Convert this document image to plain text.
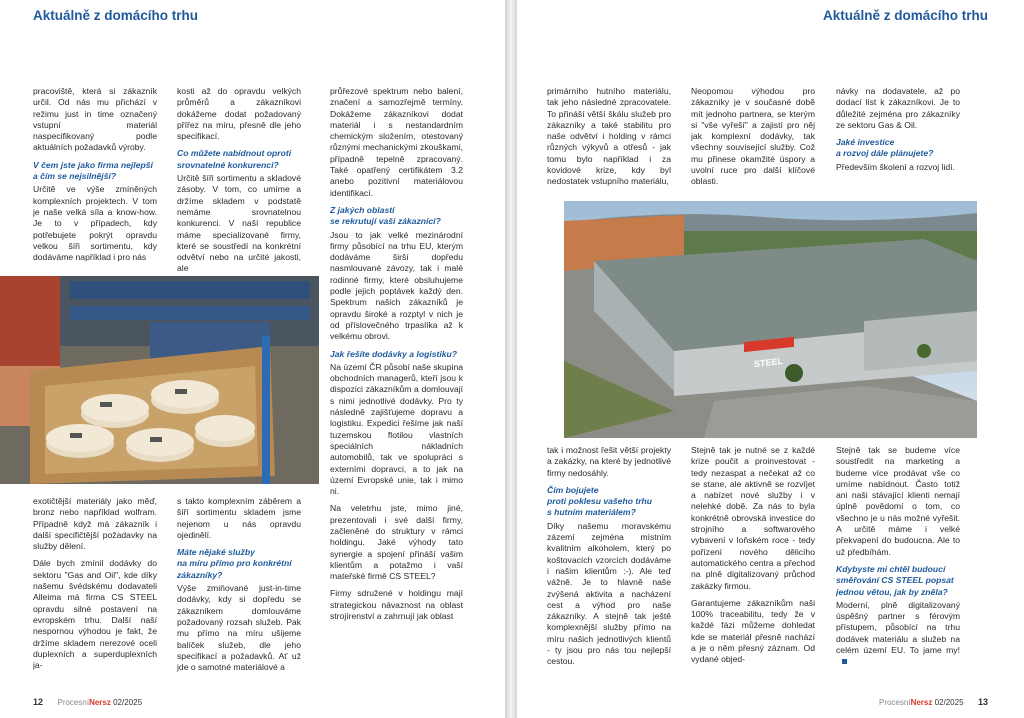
Aktuálně z domácího trhu

pracoviště, která si zákazník určil. Od nás mu přichází v režimu just in time označený vstupní materiál naspecifikovaný podle aktuálních požadavků výroby.

V čem jste jako firma nejlepší
a čím se nejsilnější?

Určitě ve výše zmíněných komplexních projektech. V tom je naše velká síla a know-how. Je to v případech, kdy potřebujete pokrýt opravdu velkou šíři sortimentu, kdy dodáváme například i pro nás

kosti až do opravdu velkých průměrů a zákazníkovi dokážeme dodat požadovaný přířez na míru, přesně dle jeho specifikací.

Co můžete nabídnout oproti
srovnatelné konkurenci?

Určitě šíři sortimentu a skladové zásoby. V tom, co umíme a držíme skladem v podstatě nemáme srovnatelnou konkurenci. V naší republice máme specializované firmy, které se soustředí na konkrétní odvětví nebo na určité jakosti, ale

průřezové spektrum nebo balení, značení a samozřejmě termíny. Dokážeme zákazníkovi dodat materiál i s nestandardním chemickým složením, otestovaný různými mechanickými zkouškami, případně tepelně zpracovaný. Také opatřený certifikátem 3.2 anebo pozitivní materiálovou identifikací.

Z jakých oblastí
se rekrutují vaši zákazníci?

Jsou to jak velké mezinárodní firmy působící na trhu EU, kterým dodáváme širší dopředu nasmlouvané závozy, tak i malé rodinné firmy, které obsluhujeme podle jejich poptávek každý den. Spektrum našich zákazníků je opravdu široké a rozptyl v nich je od příslovečného trpaslíka až k velkému obrovi.

Jak řešíte dodávky a logistiku?

Na území ČR působí naše skupina obchodních managerů, kteří jsou k dispozici zákazníkům a domlouvají s nimi jednotlivé dodávky. Pro ty následně zajišťujeme dopravu a logistiku. Expedici řešíme jak naší tuzemskou flotilou vlastních speciálních nákladních automobilů, tak ve spolupráci s externími dopravci, a to jak na území Evropské unie, tak i mimo ni.

Na veletrhu jste, mimo jiné, prezentovali i své další firmy, začleněné do struktury v rámci holdingu. Jaké výhody tato synergie a spojení přináší vašim klientům a potažmo i vaší mateřské firmě CS STEEL?

Firmy sdružené v holdingu mají strategickou návaznost na oblast strojírenství a zahrnují jak oblast

exotičtější materiály jako měď, bronz nebo například wolfram. Případně když má zákazník i další specifičtější požadavky na služby dělení.

Dále bych zmínil dodávky do sektoru "Gas and Oil", kde díky našemu švédskému dodavateli Alleima má firma CS STEEL opravdu silné postavení na evropském trhu. Další naší nespornou výhodou je fakt, že držíme skladem nerezové oceli duplexních a superduplexních ja-

s takto komplexním záběrem a šíří sortimentu skladem jsme nejenom u nás opravdu ojedinělí.

Máte nějaké služby
na míru přímo pro konkrétní
zákazníky?

Výše zmiňované just-in-time dodávky, kdy si dopředu se zákazníkem domlouváme požadovaný rozsah služeb. Pak mu přímo na míru ušijeme balíček služeb, dle jeho specifikací a požadavků. Ať už jde o samotné materiálové a

12 ProcesníNersz 02/2025
Aktuálně z domácího trhu

primárního hutního materiálu, tak jeho následné zpracovatele. To přináší větší škálu služeb pro zákazníky a také stabilitu pro naše odvětví i holding v rámci různých výkyvů a otřesů - jak tomu bylo například i za kovidové krize, kdy byl nedostatek vstupního materiálu,

Neopomou výhodou pro zákazníky je v současné době mít jednoho partnera, se kterým si "vše vyřeší" a zajistí pro něj jak komplexní dodávky, tak všechny související služby. Což mu přinese okamžité úspory a uvolní ruce pro další klíčové oblasti.

návky na dodavatele, až po dodací list k zákazníkovi. Je to důležité zejména pro zákazníky ze sektoru Gas & Oil.

Jaké investice
a rozvoj dále plánujete?

Především školení a rozvoj lidí.

STEEL

tak i možnost řešit větší projekty a zakázky, na které by jednotlivé firmy nedosáhly.

Čím bojujete
proti poklesu vašeho trhu
s hutním materiálem?

Díky našemu moravskému zázemí zejména místním kvalitním alkoholem, který po koštovacích vzorcích dodáváme i našim klientům :-). Ale teď vážně. Je to hlavně naše zvýšená aktivita a nacházení cest a výhod pro naše zákazníky. A stejně tak ještě komplexnější služby přímo na míru našich jednotlivých klientů - ty jsou pro nás tou nejlepší cestou.

Stejně tak je nutné se z každé krize poučit a proinvestovat - tedy nezaspat a nečekat až co se stane, ale aktivně se rozvíjet a nabízet nové služby i v nelehké době. Za nás to byla konkrétně obrovská investice do strojního a softwarového vybavení v loňském roce - tedy pořízení nového dělicího automatického centra a přechod na plně digitalizovaný průchod zakázky firmou.

Garantujeme zákazníkům naši 100% traceabilitu, tedy že v každé fázi můžeme dohledat kde se materiál přesně nachází a je o něm přesný záznam. Od vydané objed-

Stejně tak se budeme více soustředit na marketing a budeme více prodávat vše co umíme nabídnout. Často totiž ani naši stávající klienti nemají úplně povědomí o tom, co všechno je u nás možné vyřešit. A určitě máme i velké překvapení do budoucna. Ale to už předbíhám.

Kdybyste mi chtěl budoucí
směřování CS STEEL popsat
jednou větou, jak by zněla?

Moderní, plně digitalizovaný úspěšný partner s férovým přístupem, působící na trhu dodávek materiálu a služeb na celém území EU. To jame my!

ProcesníNersz 02/2025 13
